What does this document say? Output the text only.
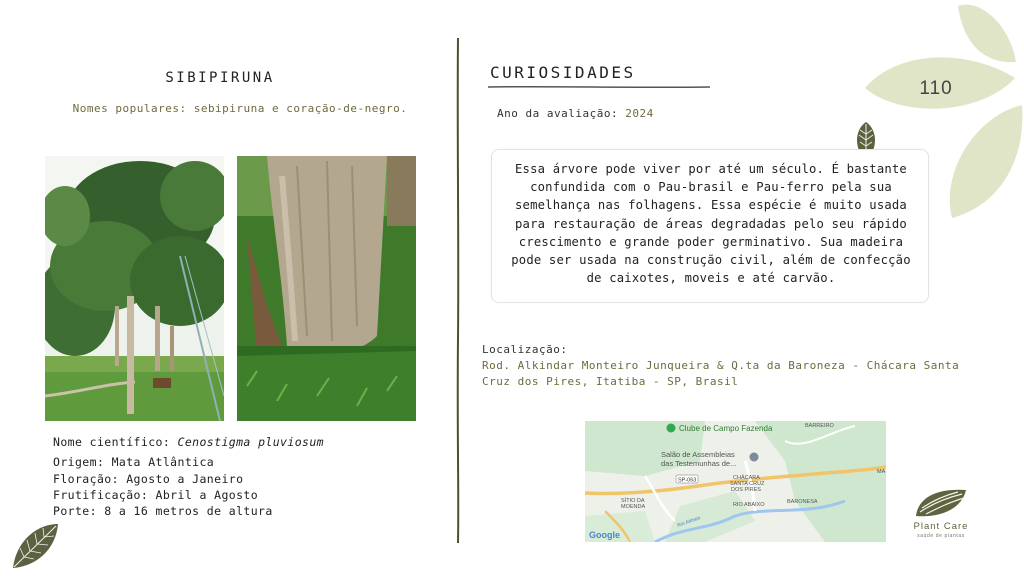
SIBIPIRUNA
Nomes populares: sebipiruna e coração-de-negro.
Nome científico: Cenostigma pluviosum
Origem: Mata Atlântica
Floração: Agosto a Janeiro
Frutificação: Abril a Agosto
Porte: 8 a 16 metros de altura
CURIOSIDADES
Ano da avaliação: 2024
Essa árvore pode viver por até um século. É bastante confundida com o Pau-brasil e Pau-ferro pela sua semelhança nas folhagens. Essa espécie é muito usada para restauração de áreas degradadas pelo seu rápido crescimento e grande poder germinativo. Sua madeira pode ser usada na construção civil, além de confecção de caixotes, moveis e até carvão.
Localização:
Rod. Alkindar Monteiro Junqueira & Q.ta da Baroneza - Chácara Santa Cruz dos Pires, Itatiba - SP, Brasil
Clube de Campo Fazenda
Salão de Assembleias
das Testemunhas de...
SP-063	CHÁCARA
SANTA CRUZ
DOS PIRES
SÍTIO DA
MOENDA	RIO ABAIXO	BARONESA
BARREIRO
MA
Rio Atibaia
Google
110
Plant Care
saúde de plantas
